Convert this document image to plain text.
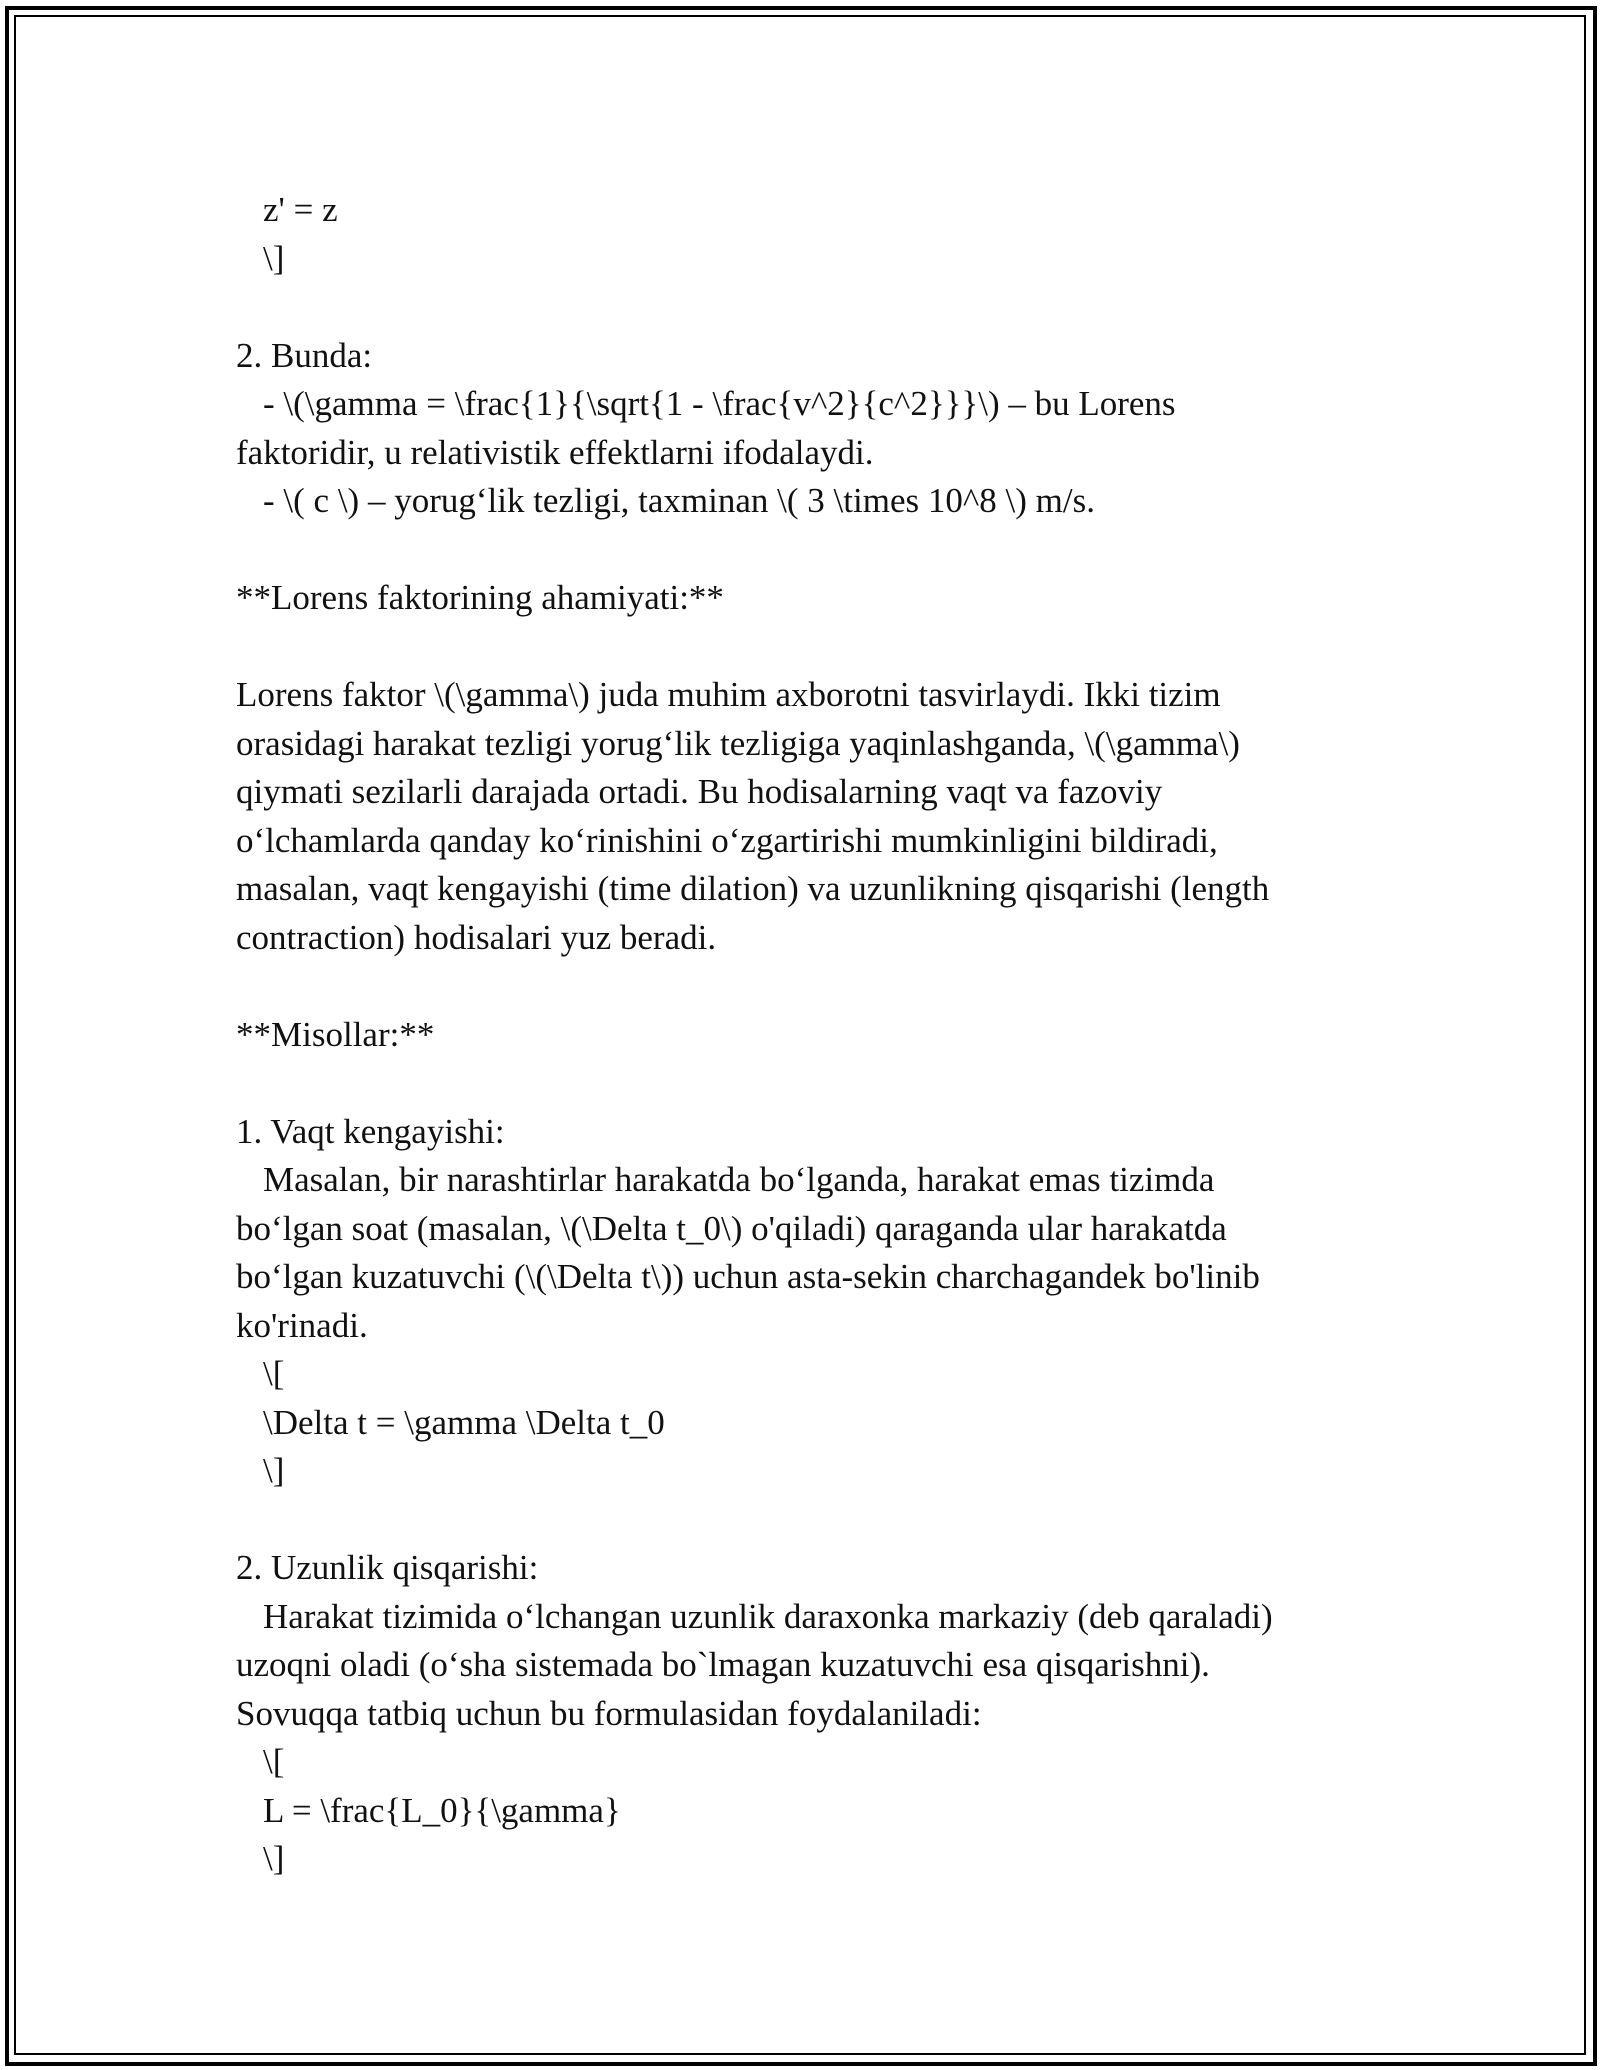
z' = z
\]
2. Bunda:
- \(\gamma = \frac{1}{\sqrt{1 - \frac{v^2}{c^2}}}\) – bu Lorens
faktoridir, u relativistik effektlarni ifodalaydi.
- \( c \) – yorug‘lik tezligi, taxminan \( 3 \times 10^8 \) m/s.
**Lorens faktorining ahamiyati:**
Lorens faktor \(\gamma\) juda muhim axborotni tasvirlaydi. Ikki tizim
orasidagi harakat tezligi yorug‘lik tezligiga yaqinlashganda, \(\gamma\)
qiymati sezilarli darajada ortadi. Bu hodisalarning vaqt va fazoviy
o‘lchamlarda qanday ko‘rinishini o‘zgartirishi mumkinligini bildiradi,
masalan, vaqt kengayishi (time dilation) va uzunlikning qisqarishi (length
contraction) hodisalari yuz beradi.
**Misollar:**
1. Vaqt kengayishi:
Masalan, bir narashtirlar harakatda bo‘lganda, harakat emas tizimda
bo‘lgan soat (masalan, \(\Delta t_0\) o'qiladi) qaraganda ular harakatda
bo‘lgan kuzatuvchi (\(\Delta t\)) uchun asta-sekin charchagandek bo'linib
ko'rinadi.
\[
\Delta t = \gamma \Delta t_0
\]
2. Uzunlik qisqarishi:
Harakat tizimida o‘lchangan uzunlik daraxonka markaziy (deb qaraladi)
uzoqni oladi (o‘sha sistemada bo`lmagan kuzatuvchi esa qisqarishni).
Sovuqqa tatbiq uchun bu formulasidan foydalaniladi:
\[
L = \frac{L_0}{\gamma}
\]
